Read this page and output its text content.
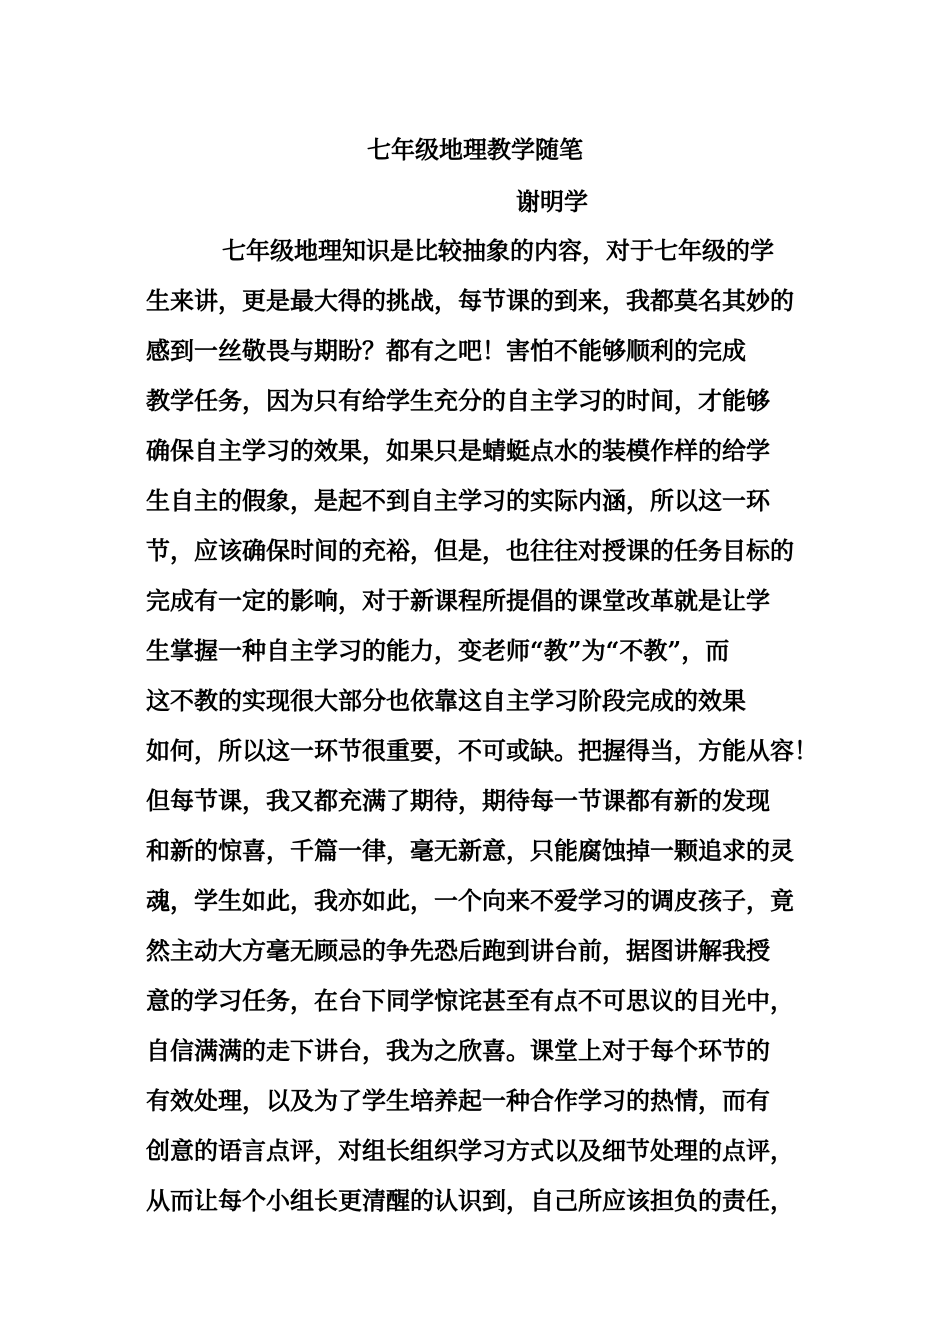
七年级地理教学随笔
谢明学
七年级地理知识是比较抽象的内容，对于七年级的学
生来讲，更是最大得的挑战，每节课的到来，我都莫名其妙的
感到一丝敬畏与期盼？都有之吧！害怕不能够顺利的完成
教学任务，因为只有给学生充分的自主学习的时间，才能够
确保自主学习的效果，如果只是蜻蜓点水的装模作样的给学
生自主的假象，是起不到自主学习的实际内涵，所以这一环
节，应该确保时间的充裕，但是，也往往对授课的任务目标的
完成有一定的影响，对于新课程所提倡的课堂改革就是让学
生掌握一种自主学习的能力，变老师“教”为“不教”，而
这不教的实现很大部分也依靠这自主学习阶段完成的效果
如何，所以这一环节很重要，不可或缺。把握得当，方能从容！
但每节课，我又都充满了期待，期待每一节课都有新的发现
和新的惊喜，千篇一律，毫无新意，只能腐蚀掉一颗追求的灵
魂，学生如此，我亦如此，一个向来不爱学习的调皮孩子，竟
然主动大方毫无顾忌的争先恐后跑到讲台前，据图讲解我授
意的学习任务，在台下同学惊诧甚至有点不可思议的目光中，
自信满满的走下讲台，我为之欣喜。课堂上对于每个环节的
有效处理，以及为了学生培养起一种合作学习的热情，而有
创意的语言点评，对组长组织学习方式以及细节处理的点评，
从而让每个小组长更清醒的认识到，自己所应该担负的责任，
